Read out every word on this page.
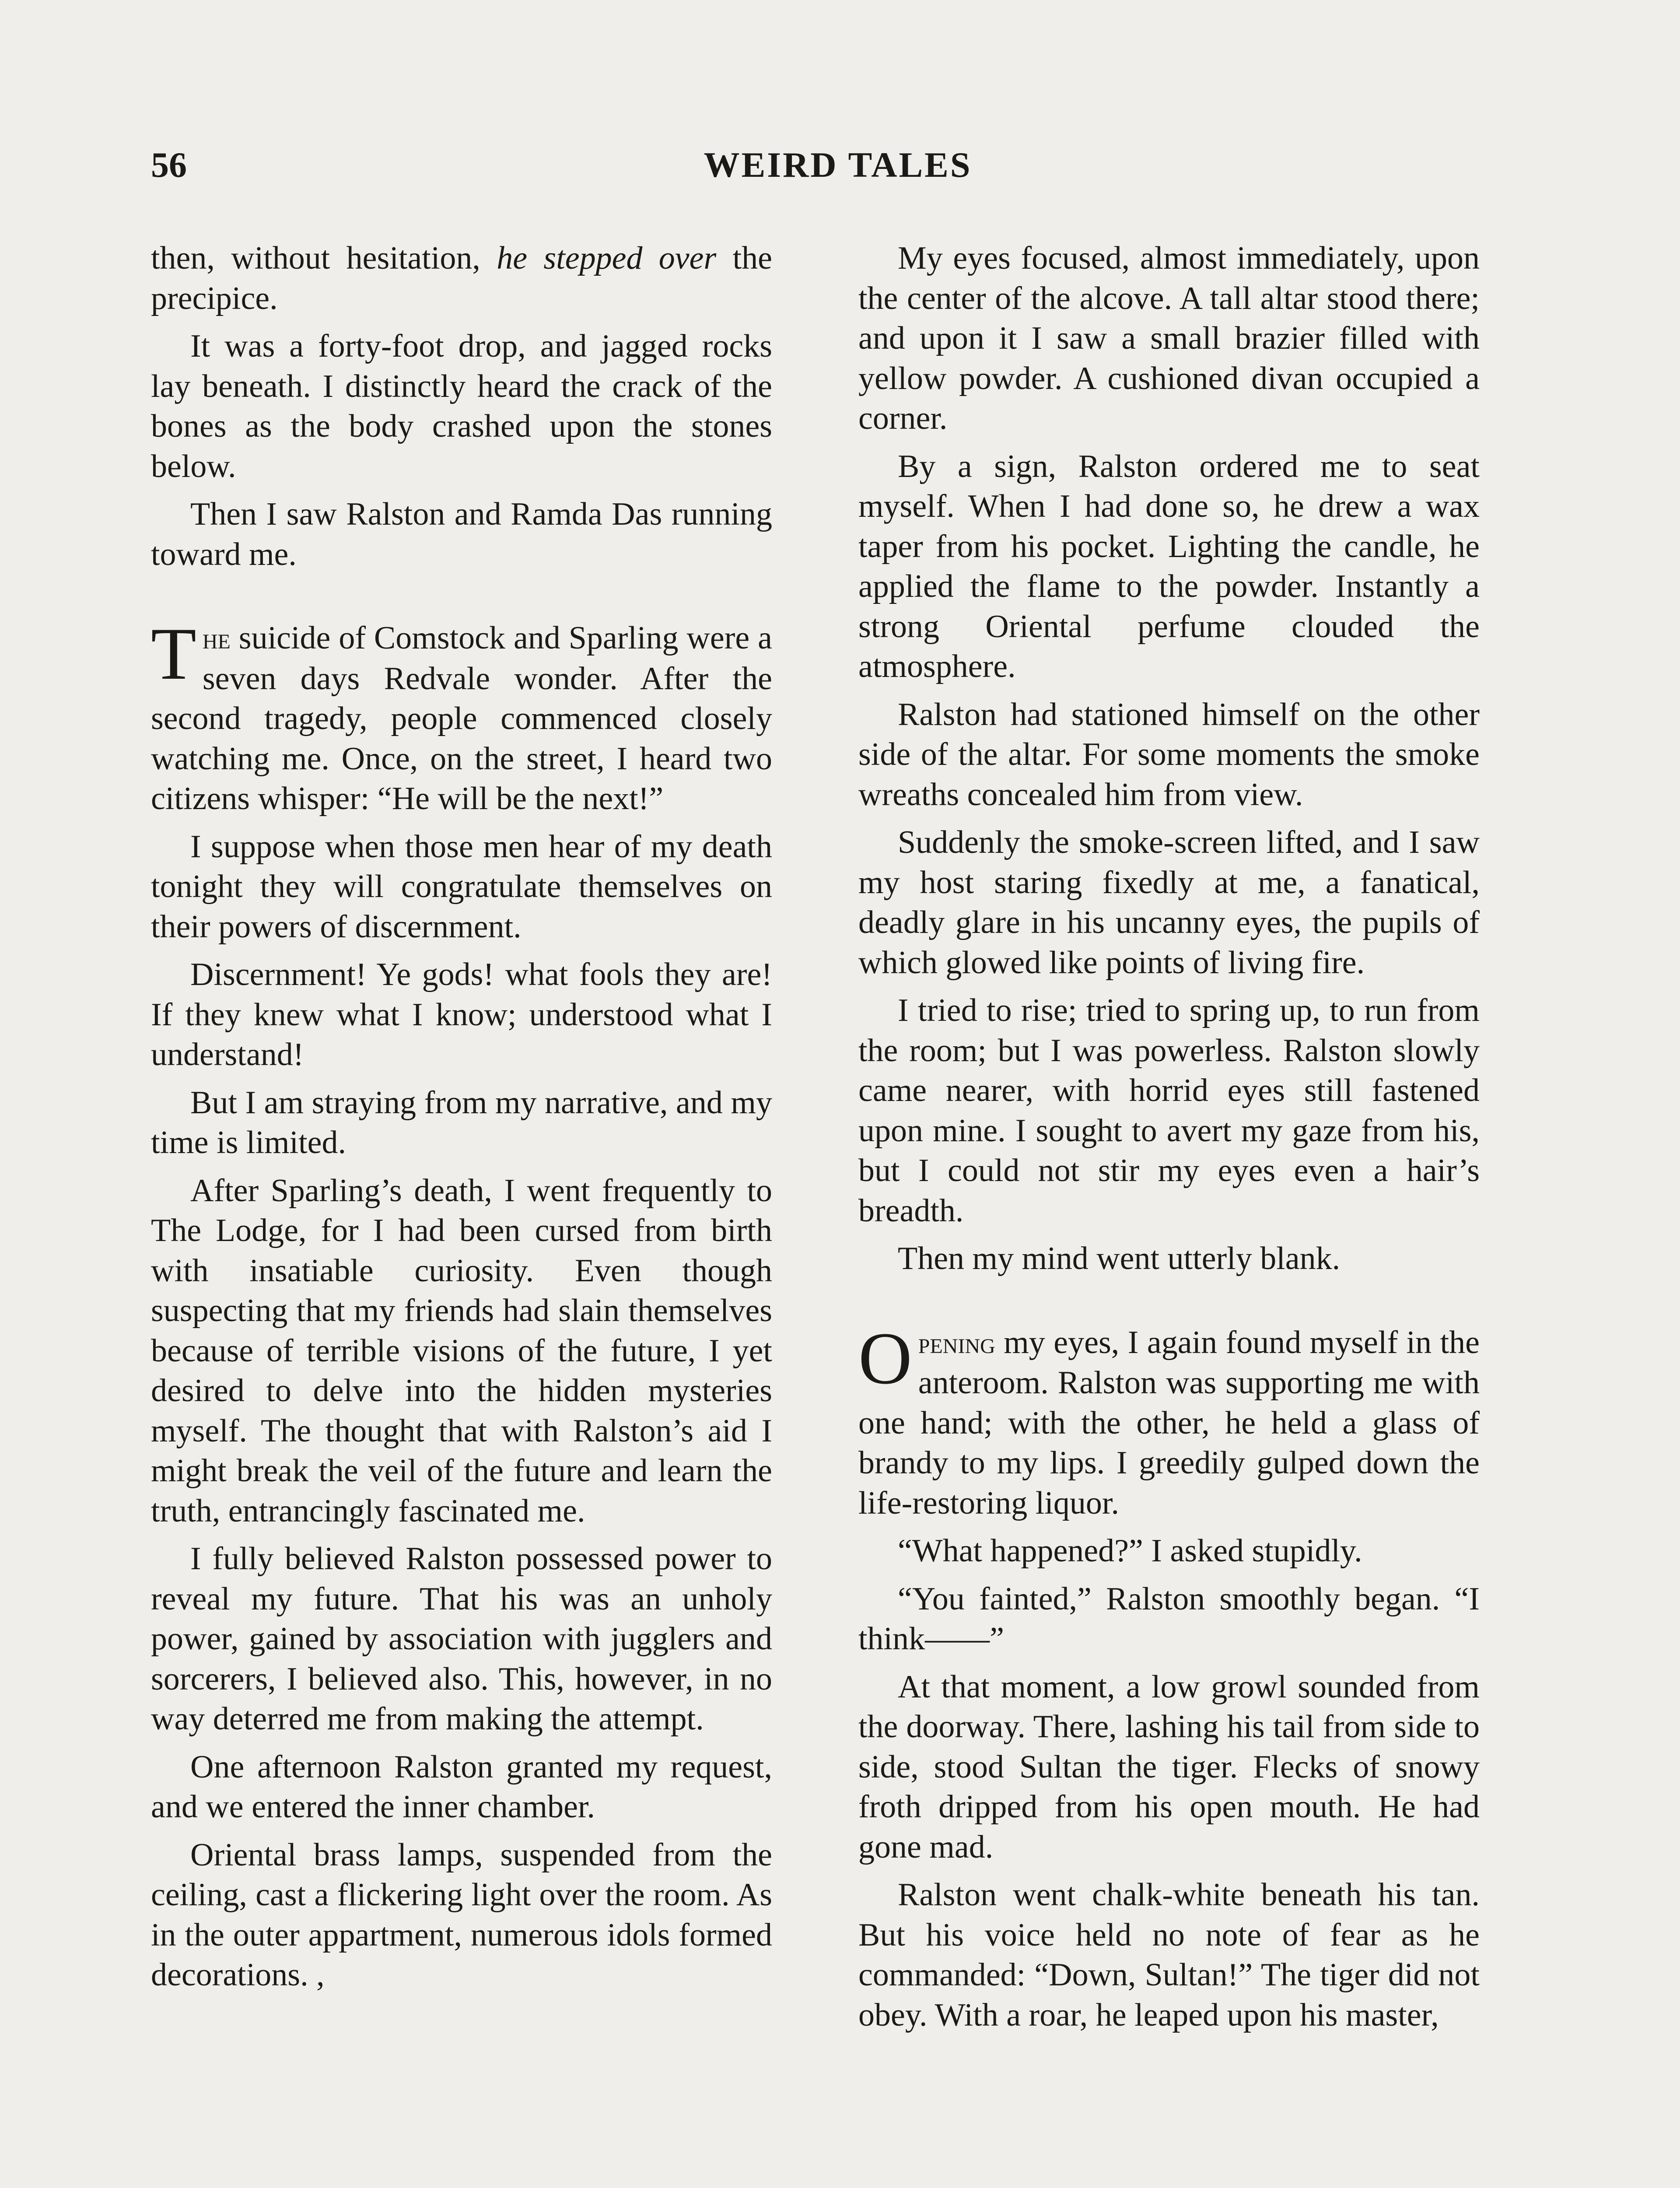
56	WEIRD TALES

then, without hesitation, he stepped over the precipice.

It was a forty-foot drop, and jagged rocks lay beneath. I distinctly heard the crack of the bones as the body crashed upon the stones below.

Then I saw Ralston and Ramda Das running toward me.

The suicide of Comstock and Sparling were a seven days Redvale wonder. After the second tragedy, people commenced closely watching me. Once, on the street, I heard two citizens whisper: “He will be the next!”

I suppose when those men hear of my death tonight they will congratulate themselves on their powers of discernment.

Discernment! Ye gods! what fools they are! If they knew what I know; understood what I understand!

But I am straying from my narrative, and my time is limited.

After Sparling’s death, I went frequently to The Lodge, for I had been cursed from birth with insatiable curiosity. Even though suspecting that my friends had slain themselves because of terrible visions of the future, I yet desired to delve into the hidden mysteries myself. The thought that with Ralston’s aid I might break the veil of the future and learn the truth, entrancingly fascinated me.

I fully believed Ralston possessed power to reveal my future. That his was an unholy power, gained by association with jugglers and sorcerers, I believed also. This, however, in no way deterred me from making the attempt.

One afternoon Ralston granted my request, and we entered the inner chamber.

Oriental brass lamps, suspended from the ceiling, cast a flickering light over the room. As in the outer appartment, numerous idols formed decorations. ,

My eyes focused, almost immediately, upon the center of the alcove. A tall altar stood there; and upon it I saw a small brazier filled with yellow powder. A cushioned divan occupied a corner.

By a sign, Ralston ordered me to seat myself. When I had done so, he drew a wax taper from his pocket. Lighting the candle, he applied the flame to the powder. Instantly a strong Oriental perfume clouded the atmosphere.

Ralston had stationed himself on the other side of the altar. For some moments the smoke wreaths concealed him from view.

Suddenly the smoke-screen lifted, and I saw my host staring fixedly at me, a fanatical, deadly glare in his uncanny eyes, the pupils of which glowed like points of living fire.

I tried to rise; tried to spring up, to run from the room; but I was powerless. Ralston slowly came nearer, with horrid eyes still fastened upon mine. I sought to avert my gaze from his, but I could not stir my eyes even a hair’s breadth.

Then my mind went utterly blank.

Opening my eyes, I again found myself in the anteroom. Ralston was supporting me with one hand; with the other, he held a glass of brandy to my lips. I greedily gulped down the life-restoring liquor.

“What happened?” I asked stupidly.

“You fainted,” Ralston smoothly began. “I think——”

At that moment, a low growl sounded from the doorway. There, lashing his tail from side to side, stood Sultan the tiger. Flecks of snowy froth dripped from his open mouth. He had gone mad.

Ralston went chalk-white beneath his tan. But his voice held no note of fear as he commanded: “Down, Sultan!” The tiger did not obey. With a roar, he leaped upon his master,
